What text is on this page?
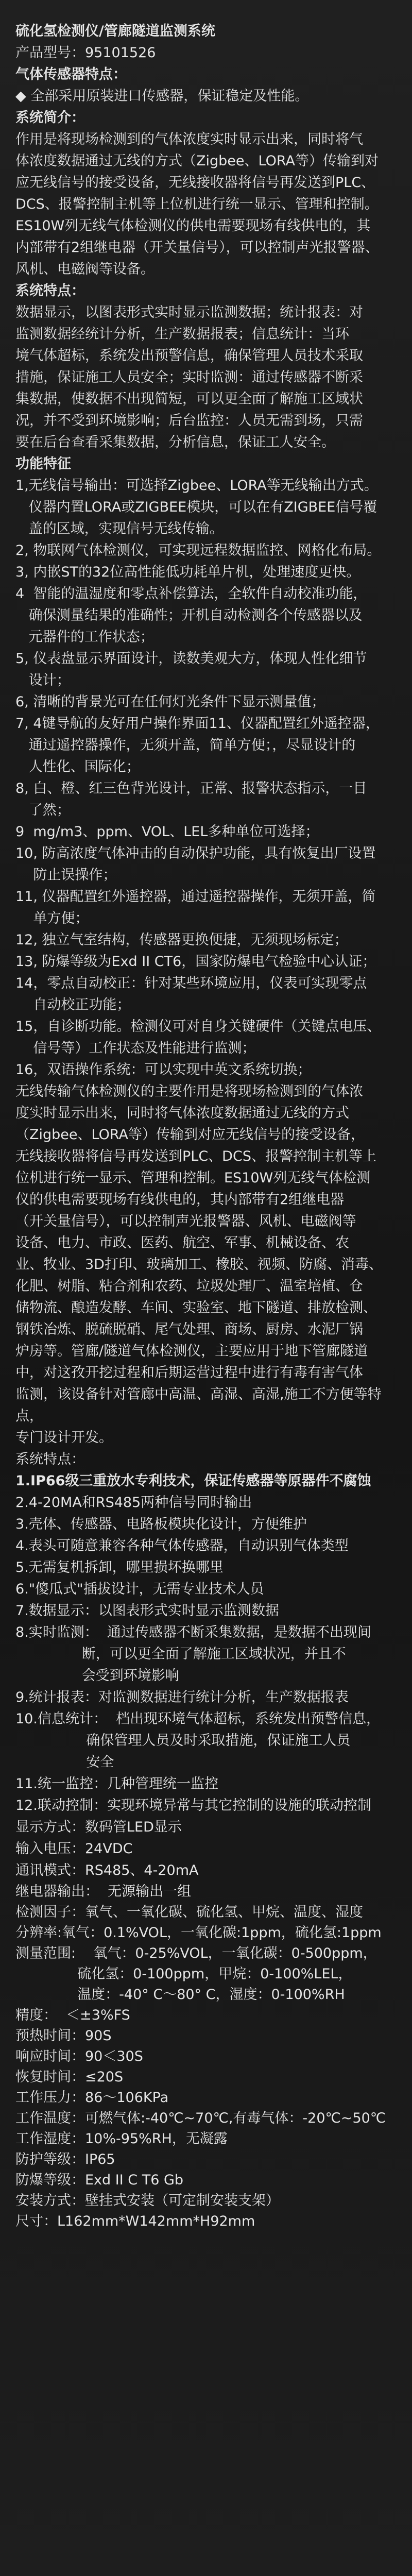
硫化氢检测仪/管廊隧道监测系统

产品型号：95101526

气体传感器特点：

◆ 全部采用原装进口传感器，保证稳定及性能。

系统简介：

作用是将现场检测到的气体浓度实时显示出来，同时将气

体浓度数据通过无线的方式（Zigbee、LORA等）传输到对

应无线信号的接受设备，无线接收器将信号再发送到PLC、

DCS、报警控制主机等上位机进行统一显示、管理和控制。

ES10W列无线气体检测仪的供电需要现场有线供电的，其

内部带有2组继电器（开关量信号），可以控制声光报警器、

风机、电磁阀等设备。

系统特点：

数据显示，以图表形式实时显示监测数据；统计报表：对

监测数据经统计分析，生产数据报表；信息统计：当环

境气体超标，系统发出预警信息，确保管理人员技术采取

措施，保证施工人员安全；实时监测：通过传感器不断采

集数据，使数据不出现简短，可以更全面了解施工区域状

况，并不受到环境影响；后台监控：人员无需到场，只需

要在后台查看采集数据，分析信息，保证工人安全。

功能特征

1,无线信号输出：可选择Zigbee、LORA等无线输出方式。

仪器内置LORA或ZIGBEE模块，可以在有ZIGBEE信号覆

盖的区域，实现信号无线传输。

2, 物联网气体检测仪，可实现远程数据监控、网格化布局。

3, 内嵌ST的32位高性能低功耗单片机，处理速度更快。

4  智能的温湿度和零点补偿算法，全软件自动校准功能，

确保测量结果的准确性；开机自动检测各个传感器以及

元器件的工作状态；

5, 仪表盘显示界面设计，读数美观大方，体现人性化细节

设计；

6, 清晰的背景光可在任何灯光条件下显示测量值；

7, 4键导航的友好用户操作界面11、仪器配置红外遥控器，

通过遥控器操作，无须开盖，简单方便；，尽显设计的

人性化、国际化；

8, 白、橙、红三色背光设计，正常、报警状态指示，一目

了然；

9  mg/m3、ppm、VOL、LEL多种单位可选择；

10, 防高浓度气体冲击的自动保护功能，具有恢复出厂设置

防止误操作；

11, 仪器配置红外遥控器，通过遥控器操作，无须开盖，简

单方便；

12, 独立气室结构，传感器更换便捷，无须现场标定；

13, 防爆等级为Exd II CT6，国家防爆电气检验中心认证；

14，零点自动校正：针对某些环境应用，仪表可实现零点

自动校正功能；

15，自诊断功能。检测仪可对自身关键硬件（关键点电压、

信号等）工作状态及性能进行监测；

16，双语操作系统：可以实现中英文系统切换；

无线传输气体检测仪的主要作用是将现场检测到的气体浓

度实时显示出来，同时将气体浓度数据通过无线的方式

（Zigbee、LORA等）传输到对应无线信号的接受设备，

无线接收器将信号再发送到PLC、DCS、报警控制主机等上

位机进行统一显示、管理和控制。ES10W列无线气体检测

仪的供电需要现场有线供电的，其内部带有2组继电器

（开关量信号），可以控制声光报警器、风机、电磁阀等

设备、电力、市政、医药、航空、军事、机械设备、农

业、牧业、3D打印、玻璃加工、橡胶、视频、防腐、消毒、

化肥、树脂、粘合剂和农药、垃圾处理厂、温室培植、仓

储物流、酿造发酵、车间、实验室、地下隧道、排放检测、

钢铁冶炼、脱硫脱硝、尾气处理、商场、厨房、水泥厂锅

炉房等。管廊/隧道气体检测仪，主要应用于地下管廊隧道

中，对这孜开挖过程和后期运营过程中进行有毒有害气体

监测，该设备针对管廊中高温、高湿、高湿,施工不方便等特点，

专门设计开发。

系统特点：

1.IP66级三重放水专利技术，保证传感器等原器件不腐蚀

2.4-20MA和RS485两种信号同时输出

3.壳体、传感器、电路板模块化设计，方便维护

4.表头可随意兼容各种气体传感器，自动识别气体类型

5.无需复机拆卸，哪里损坏换哪里

6."傻瓜式"插拔设计，无需专业技术人员

7.数据显示：以图表形式实时显示监测数据

8.实时监测：  通过传感器不断采集数据，是数据不出现间

断，可以更全面了解施工区域状况，并且不

会受到环境影响

9.统计报表：对监测数据进行统计分析，生产数据报表

10.信息统计：  档出现环境气体超标，系统发出预警信息，

确保管理人员及时采取措施，保证施工人员

安全

11.统一监控：几种管理统一监控

12.联动控制：实现环境异常与其它控制的设施的联动控制

显示方式：数码管LED显示

输入电压：24VDC

通讯模式：RS485、4-20mA

继电器输出：  无源输出一组

检测因子：氧气、一氧化碳、硫化氢、甲烷、温度、湿度

分辨率:氧气：0.1%VOL，一氧化碳:1ppm，硫化氢:1ppm

测量范围:    氧气：0-25%VOL，一氧化碳：0-500ppm，

硫化氢：0-100ppm，甲烷：0-100%LEL，

温度：-40° C～80° C，湿度：0-100%RH

精度：  ＜±3%FS

预热时间：90S

响应时间：90＜30S

恢复时间：≤20S

工作压力：86～106KPa

工作温度：可燃气体:-40℃~70℃,有毒气体：-20℃~50℃

工作湿度：10%-95%RH，无凝露

防护等级：IP65

防爆等级：Exd II C T6 Gb

安装方式：壁挂式安装（可定制安装支架）

尺寸：L162mm*W142mm*H92mm
